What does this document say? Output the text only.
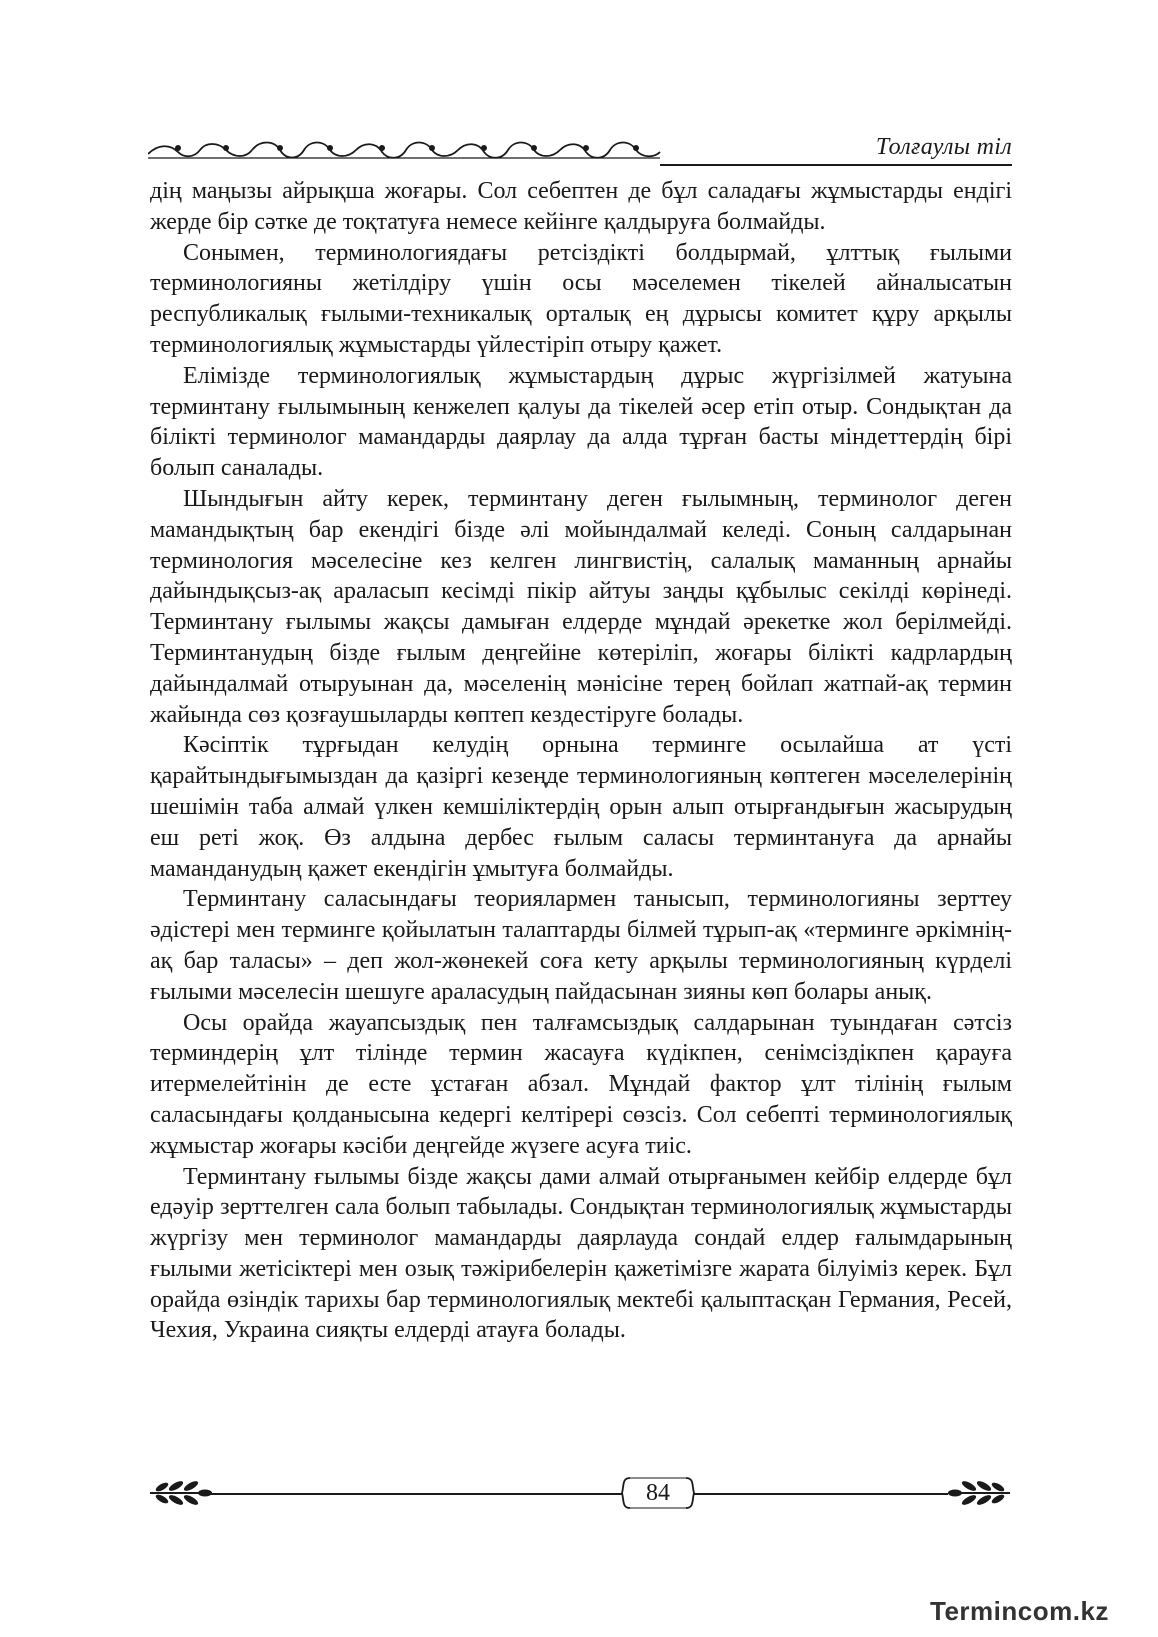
Толғаулы тіл

дің маңызы айрықша жоғары. Сол себептен де бұл саладағы жұмыстарды ендігі жерде бір сәтке де тоқтатуға немесе кейінге қалдыруға болмайды.

Сонымен, терминологиядағы ретсіздікті болдырмай, ұлттық ғылыми терминологияны жетілдіру үшін осы мәселемен тікелей айналысатын республикалық ғылыми-техникалық орталық ең дұрысы комитет құру арқылы терминологиялық жұмыстарды үйлестіріп отыру қажет.

Елімізде терминологиялық жұмыстардың дұрыс жүргізілмей жатуына терминтану ғылымының кенжелеп қалуы да тікелей әсер етіп отыр. Сондықтан да білікті терминолог мамандарды даярлау да алда тұрған басты міндеттердің бірі болып саналады.

Шындығын айту керек, терминтану деген ғылымның, терминолог деген мамандықтың бар екендігі бізде әлі мойындалмай келеді. Соның салдарынан терминология мәселесіне кез келген лингвистің, салалық маманның арнайы дайындықсыз-ақ араласып кесімді пікір айтуы заңды құбылыс секілді көрінеді. Терминтану ғылымы жақсы дамыған елдерде мұндай әрекетке жол берілмейді. Терминтанудың бізде ғылым деңгейіне көтеріліп, жоғары білікті кадрлардың дайындалмай отыруынан да, мәселенің мәнісіне терең бойлап жатпай-ақ термин жайында сөз қозғаушыларды көптеп кездестіруге болады.

Кәсіптік тұрғыдан келудің орнына терминге осылайша ат үсті қарайтындығымыздан да қазіргі кезеңде терминологияның көптеген мәселелерінің шешімін таба алмай үлкен кемшіліктердің орын алып отырғандығын жасырудың еш реті жоқ. Өз алдына дербес ғылым саласы терминтануға да арнайы маманданудың қажет екендігін ұмытуға болмайды.

Терминтану саласындағы теориялармен танысып, терминологияны зерттеу әдістері мен терминге қойылатын талаптарды білмей тұрып-ақ «терминге әркімнің-ақ бар таласы» – деп жол-жөнекей соға кету арқылы терминологияның күрделі ғылыми мәселесін шешуге араласудың пайдасынан зияны көп болары анық.

Осы орайда жауапсыздық пен талғамсыздық салдарынан туындаған сәтсіз терминдерің ұлт тілінде термин жасауға күдікпен, сенімсіздікпен қарауға итермелейтінін де есте ұстаған абзал. Мұндай фактор ұлт тілінің ғылым саласындағы қолданысына кедергі келтірері сөзсіз. Сол себепті терминологиялық жұмыстар жоғары кәсіби деңгейде жүзеге асуға тиіс.

Терминтану ғылымы бізде жақсы дами алмай отырғанымен кейбір елдерде бұл едәуір зерттелген сала болып табылады. Сондықтан терминологиялық жұмыстарды жүргізу мен терминолог мамандарды даярлауда сондай елдер ғалымдарының ғылыми жетісіктері мен озық тәжірибелерін қажетімізге жарата білуіміз керек. Бұл орайда өзіндік тарихы бар терминологиялық мектебі қалыптасқан Германия, Ресей, Чехия, Украина сияқты елдерді атауға болады.

84
Termincom.kz
